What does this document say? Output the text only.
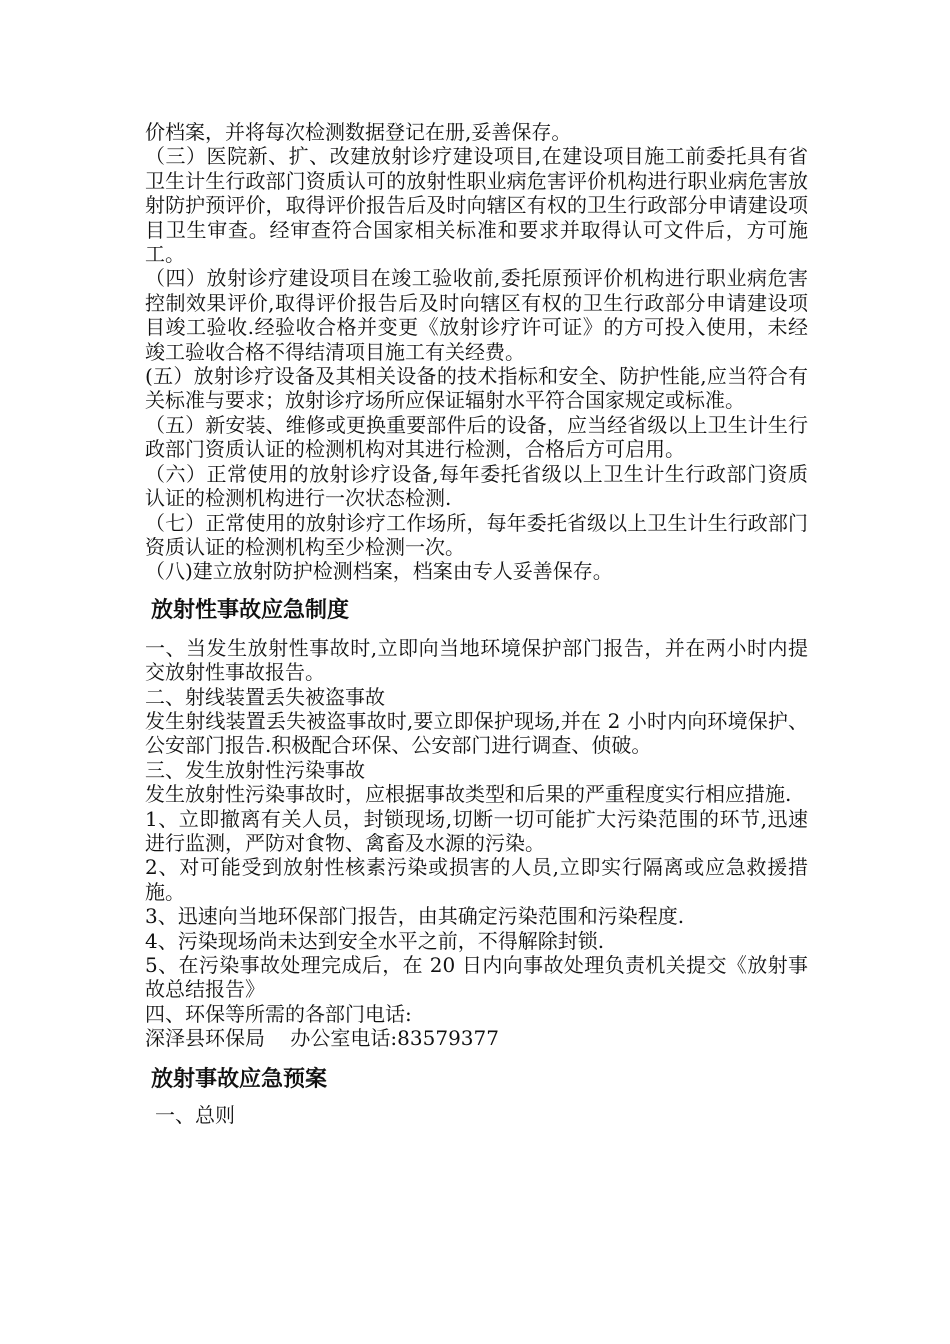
价档案，并将每次检测数据登记在册,妥善保存。

（三）医院新、扩、改建放射诊疗建设项目,在建设项目施工前委托具有省卫生计生行政部门资质认可的放射性职业病危害评价机构进行职业病危害放射防护预评价，取得评价报告后及时向辖区有权的卫生行政部分申请建设项目卫生审查。经审查符合国家相关标准和要求并取得认可文件后，方可施工。

（四）放射诊疗建设项目在竣工验收前,委托原预评价机构进行职业病危害控制效果评价,取得评价报告后及时向辖区有权的卫生行政部分申请建设项目竣工验收.经验收合格并变更《放射诊疗许可证》的方可投入使用，未经竣工验收合格不得结清项目施工有关经费。

(五）放射诊疗设备及其相关设备的技术指标和安全、防护性能,应当符合有关标准与要求；放射诊疗场所应保证辐射水平符合国家规定或标准。

（五）新安装、维修或更换重要部件后的设备，应当经省级以上卫生计生行政部门资质认证的检测机构对其进行检测，合格后方可启用。

（六）正常使用的放射诊疗设备,每年委托省级以上卫生计生行政部门资质认证的检测机构进行一次状态检测.

（七）正常使用的放射诊疗工作场所，每年委托省级以上卫生计生行政部门资质认证的检测机构至少检测一次。

（八)建立放射防护检测档案，档案由专人妥善保存。

放射性事故应急制度

一、当发生放射性事故时,立即向当地环境保护部门报告，并在两小时内提交放射性事故报告。

二、射线装置丢失被盗事故

发生射线装置丢失被盗事故时,要立即保护现场,并在 2 小时内向环境保护、公安部门报告.积极配合环保、公安部门进行调查、侦破。

三、发生放射性污染事故

发生放射性污染事故时，应根据事故类型和后果的严重程度实行相应措施.

1、立即撤离有关人员，封锁现场,切断一切可能扩大污染范围的环节,迅速进行监测，严防对食物、禽畜及水源的污染。

2、对可能受到放射性核素污染或损害的人员,立即实行隔离或应急救援措施。

3、迅速向当地环保部门报告，由其确定污染范围和污染程度.

4、污染现场尚未达到安全水平之前，不得解除封锁.

5、在污染事故处理完成后，在 20 日内向事故处理负责机关提交《放射事故总结报告》

四、环保等所需的各部门电话:

深泽县环保局    办公室电话:83579377

放射事故应急预案

一、总则
